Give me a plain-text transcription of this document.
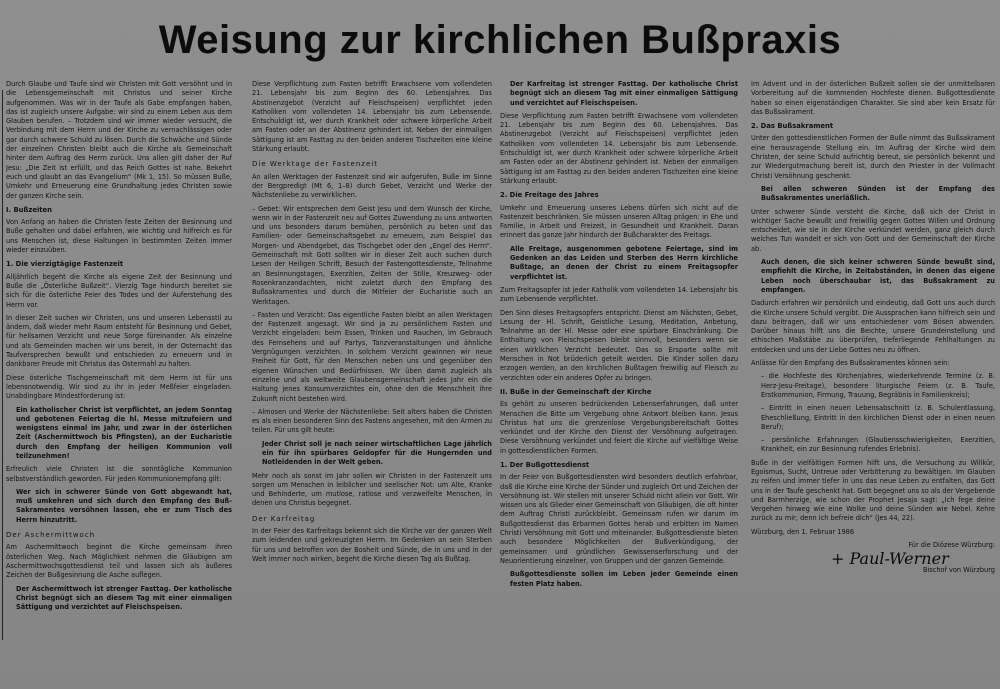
Weisung zur kirchlichen Bußpraxis

Durch Glaube und Taufe sind wir Christen mit Gott versöhnt und in die Lebensgemeinschaft mit Christus und seiner Kirche aufgenommen. Was wir in der Taufe als Gabe empfangen haben, das ist zugleich unsere Aufgabe: wir sind zu einem Leben aus dem Glauben berufen. – Trotzdem sind wir immer wieder versucht, die Verbindung mit dem Herrn und der Kirche zu vernachlässigen oder gar durch schwere Schuld zu lösen. Durch die Schwäche und Sünde der einzelnen Christen bleibt auch die Kirche als Gemeinschaft hinter dem Auftrag des Herrn zurück. Uns allen gilt daher der Ruf Jesu: „Die Zeit ist erfüllt, und das Reich Gottes ist nahe. Bekehrt euch und glaubt an das Evangelium“ (Mk 1, 15). So müssen Buße, Umkehr und Erneuerung eine Grundhaltung jedes Christen sowie der ganzen Kirche sein.

I. Bußzeiten

Von Anfang an haben die Christen feste Zeiten der Besinnung und Buße gehalten und dabei erfahren, wie wichtig und hilfreich es für uns Menschen ist, diese Haltungen in bestimmten Zeiten immer wieder einzuüben.

1. Die vierzigtägige Fastenzeit

Alljährlich begeht die Kirche als eigene Zeit der Besinnung und Buße die „Österliche Bußzeit“. Vierzig Tage hindurch bereitet sie sich für die österliche Feier des Todes und der Auferstehung des Herrn vor.

In dieser Zeit suchen wir Christen, uns und unseren Lebensstil zu ändern, daß wieder mehr Raum entsteht für Besinnung und Gebet, für heilsamen Verzicht und neue Sorge füreinander. Als einzelne und als Gemeinden machen wir uns bereit, in der Osternacht das Taufversprechen bewußt und entschieden zu erneuern und in dankbarer Freude mit Christus das Ostermahl zu halten.

Diese österliche Tischgemeinschaft mit dem Herrn ist für uns lebensnotwendig. Wir sind zu ihr in jeder Meßfeier eingeladen. Unabdingbare Mindestforderung ist:

Ein katholischer Christ ist verpflichtet, an jedem Sonntag und gebotenen Feiertag die hl. Messe mitzufeiern und wenigstens einmal im Jahr, und zwar in der österlichen Zeit (Aschermittwoch bis Pfingsten), an der Eucharistie durch den Empfang der heiligen Kommunion voll teilzunehmen!

Erfreulich viele Christen ist die sonntägliche Kommunion selbstverständlich geworden. Für jeden Kommunionempfang gilt:

Wer sich in schwerer Sünde von Gott abgewandt hat, muß umkehren und sich durch den Empfang des Buß-Sakramentes versöhnen lassen, ehe er zum Tisch des Herrn hinzutritt.

Der Aschermittwoch

Am Aschermittwoch beginnt die Kirche gemeinsam ihren österlichen Weg. Nach Möglichkeit nehmen die Gläubigen am Aschermittwochsgottesdienst teil und lassen sich als äußeres Zeichen der Bußgesinnung die Asche auflegen.

Der Aschermittwoch ist strenger Fasttag. Der katholische Christ begnügt sich an diesem Tag mit einer einmaligen Sättigung und verzichtet auf Fleischspeisen.

Diese Verpflichtung zum Fasten betrifft Erwachsene vom vollendeten 21. Lebensjahr bis zum Beginn des 60. Lebensjahres. Das Abstinenzgebot (Verzicht auf Fleischspeisen) verpflichtet jeden Katholiken vom vollendeten 14. Lebensjahr bis zum Lebensende. Entschuldigt ist, wer durch Krankheit oder schwere körperliche Arbeit am Fasten oder an der Abstinenz gehindert ist. Neben der einmaligen Sättigung ist am Fasttag zu den beiden anderen Tischzeiten eine kleine Stärkung erlaubt.

Die Werktage der Fastenzeit

An allen Werktagen der Fastenzeit sind wir aufgerufen, Buße im Sinne der Bergpredigt (Mt 6, 1–8) durch Gebet, Verzicht und Werke der Nächstenliebe zu verwirklichen.

– Gebet: Wir entsprechen dem Geist Jesu und dem Wunsch der Kirche, wenn wir in der Fastenzeit neu auf Gottes Zuwendung zu uns antworten und uns besonders darum bemühen, persönlich zu beten und das Familien- oder Gemeinschaftsgebet zu erneuern, zum Beispiel das Morgen- und Abendgebet, das Tischgebet oder den „Engel des Herrn“. Gemeinschaft mit Gott sollten wir in dieser Zeit auch suchen durch Lesen der Heiligen Schrift, Besuch der Fastengottesdienste, Teilnahme an Besinnungstagen, Exerzitien, Zeiten der Stille, Kreuzweg- oder Rosenkranzandachten, nicht zuletzt durch den Empfang des Bußsakramentes und durch die Mitfeier der Eucharistie auch an Werktagen.

– Fasten und Verzicht: Das eigentliche Fasten bleibt an allen Werktagen der Fastenzeit angesagt. Wir sind ja zu persönlichem Fasten und Verzicht eingeladen: beim Essen, Trinken und Rauchen, im Gebrauch des Fernsehens und auf Partys, Tanzveranstaltungen und ähnliche Vergnügungen verzichten. In solchem Verzicht gewinnen wir neue Freiheit für Gott, für den Menschen neben uns und gegenüber den eigenen Wünschen und Bedürfnissen. Wir üben damit zugleich als einzelne und als weltweite Glaubensgemeinschaft jedes Jahr ein die Haltung jenes Konsumverzichtes ein, ohne den die Menschheit ihre Zukunft nicht bestehen wird.

– Almosen und Werke der Nächstenliebe: Seit alters haben die Christen es als einen besonderen Sinn des Fastens angesehen, mit den Armen zu teilen. Für uns gilt heute:

Jeder Christ soll je nach seiner wirtschaftlichen Lage jährlich ein für ihn spürbares Geldopfer für die Hungernden und Notleidenden in der Welt geben.

Mehr noch als sonst im Jahr sollen wir Christen in der Fastenzeit uns sorgen um Menschen in leiblicher und seelischer Not: um Alte, Kranke und Behinderte, um mutlose, ratlose und verzweifelte Menschen, in denen uns Christus begegnet.

Der Karfreitag

In der Feier des Karfreitags bekennt sich die Kirche vor der ganzen Welt zum leidenden und gekreuzigten Herrn. Im Gedenken an sein Sterben für uns und betroffen von der Bosheit und Sünde, die in uns und in der Welt immer noch wirken, begeht die Kirche diesen Tag als Bußtag.

Der Karfreitag ist strenger Fasttag. Der katholische Christ begnügt sich an diesem Tag mit einer einmaligen Sättigung und verzichtet auf Fleischspeisen.

Diese Verpflichtung zum Fasten betrifft Erwachsene vom vollendeten 21. Lebensjahr bis zum Beginn des 60. Lebensjahres. Das Abstinenzgebot (Verzicht auf Fleischspeisen) verpflichtet jeden Katholiken vom vollendeten 14. Lebensjahr bis zum Lebensende. Entschuldigt ist, wer durch Krankheit oder schwere körperliche Arbeit am Fasten oder an der Abstinenz gehindert ist. Neben der einmaligen Sättigung ist am Fasttag zu den beiden anderen Tischzeiten eine kleine Stärkung erlaubt.

2. Die Freitage des Jahres

Umkehr und Erneuerung unseres Lebens dürfen sich nicht auf die Fastenzeit beschränken. Sie müssen unseren Alltag prägen: in Ehe und Familie, in Arbeit und Freizeit, in Gesundheit und Krankheit. Daran erinnert das ganze Jahr hindurch der Bußcharakter des Freitags.

Alle Freitage, ausgenommen gebotene Feiertage, sind im Gedenken an das Leiden und Sterben des Herrn kirchliche Bußtage, an denen der Christ zu einem Freitagsopfer verpflichtet ist.

Zum Freitagsopfer ist jeder Katholik vom vollendeten 14. Lebensjahr bis zum Lebensende verpflichtet.

Den Sinn dieses Freitagsopfers entspricht: Dienst am Nächsten, Gebet, Lesung der Hl. Schrift, Geistliche Lesung, Meditation, Anbetung, Teilnahme an der Hl. Messe oder eine spürbare Einschränkung. Die Enthaltung von Fleischspeisen bleibt sinnvoll, besonders wenn sie einen wirklichen Verzicht bedeutet. Das so Ersparte sollte mit Menschen in Not brüderlich geteilt werden. Die Kinder sollen dazu erzogen werden, an den kirchlichen Bußtagen freiwillig auf Fleisch zu verzichten oder ein anderes Opfer zu bringen.

II. Buße in der Gemeinschaft der Kirche

Es gehört zu unseren bedrückenden Lebenserfahrungen, daß unter Menschen die Bitte um Vergebung ohne Antwort bleiben kann. Jesus Christus hat uns die grenzenlose Vergebungsbereitschaft Gottes verkündet und der Kirche den Dienst der Versöhnung aufgetragen. Diese Versöhnung verkündet und feiert die Kirche auf vielfältige Weise in gottesdienstlichen Formen.

1. Der Bußgottesdienst

In der Feier von Bußgottesdiensten wird besonders deutlich erfahrbar, daß die Kirche eine Kirche der Sünder und zugleich Ort und Zeichen der Versöhnung ist. Wir stellen mit unserer Schuld nicht allein vor Gott. Wir wissen uns als Glieder einer Gemeinschaft von Gläubigen, die oft hinter dem Auftrag Christi zurückbleibt. Gemeinsam rufen wir darum im Bußgottesdienst das Erbarmen Gottes herab und erbitten im Namen Christi Versöhnung mit Gott und miteinander. Bußgottesdienste bieten auch besondere Möglichkeiten der Bußverkündigung, der gemeinsamen und gründlichen Gewissenserforschung und der Neuorientierung einzelner, von Gruppen und der ganzen Gemeinde.

Bußgottesdienste sollen im Leben jeder Gemeinde einen festen Platz haben.

Im Advent und in der österlichen Bußzeit sollen sie der unmittelbaren Vorbereitung auf die kommenden Hochfeste dienen. Bußgottesdienste haben so einen eigenständigen Charakter. Sie sind aber kein Ersatz für das Bußsakrament.

2. Das Bußsakrament

Unter den gottesdienstlichen Formen der Buße nimmt das Bußsakrament eine herausragende Stellung ein. Im Auftrag der Kirche wird dem Christen, der seine Schuld aufrichtig bereut, sie persönlich bekennt und zur Wiedergutmachung bereit ist, durch den Priester in der Vollmacht Christi Versöhnung geschenkt.

Bei allen schweren Sünden ist der Empfang des Bußsakramentes unerläßlich.

Unter schwerer Sünde versteht die Kirche, daß sich der Christ in wichtiger Sache bewußt und freiwillig gegen Gottes Willen und Ordnung entscheidet, wie sie in der Kirche verkündet werden, ganz gleich durch welches Tun wandelt er sich von Gott und der Gemeinschaft der Kirche ab.

Auch denen, die sich keiner schweren Sünde bewußt sind, empfiehlt die Kirche, in Zeitabständen, in denen das eigene Leben noch überschaubar ist, das Bußsakrament zu empfangen.

Dadurch erfahren wir persönlich und eindeutig, daß Gott uns auch durch die Kirche unsere Schuld vergibt. Die Aussprachen kann hilfreich sein und dazu beitragen, daß wir uns entschiedener vom Bösen abwenden. Darüber hinaus hilft uns die Beichte, unsere Grundeinstellung und ethischen Maßstäbe zu überprüfen, tieferliegende Fehlhaltungen zu entdecken und uns der Liebe Gottes neu zu öffnen.

Anlässe für den Empfang des Bußsakramentes können sein:

– die Hochfeste des Kirchenjahres, wiederkehrende Termine (z. B. Herz-Jesu-Freitage), besondere liturgische Feiern (z. B. Taufe, Erstkommunion, Firmung, Trauung, Begräbnis in Familienkreis);

– Eintritt in einen neuen Lebensabschnitt (z. B. Schulentlassung, Eheschließung, Eintritt in den kirchlichen Dienst oder in einen neuen Beruf);

– persönliche Erfahrungen (Glaubensschwierigkeiten, Exerzitien, Krankheit, ein zur Besinnung rufendes Erlebnis).

Buße in der vielfältigen Formen hilft uns, die Versuchung zu Willkür, Egoismus, Sucht, Untreue oder Verbitterung zu bewältigen. Im Glauben zu reifen und immer tiefer in uns das neue Leben zu entfalten, das Gott uns in der Taufe geschenkt hat. Gott begegnet uns so als der Vergebende und Barmherzige, wie schon der Prophet Jesaja sagt: „Ich fege deine Vergehen hinweg wie eine Wolke und deine Sünden wie Nebel. Kehre zurück zu mir; denn ich befreie dich“ (Jes 44, 22).

Würzburg, den 1. Februar 1986

Für die Diözese Würzburg:

+ Paul-Werner

Bischof von Würzburg
